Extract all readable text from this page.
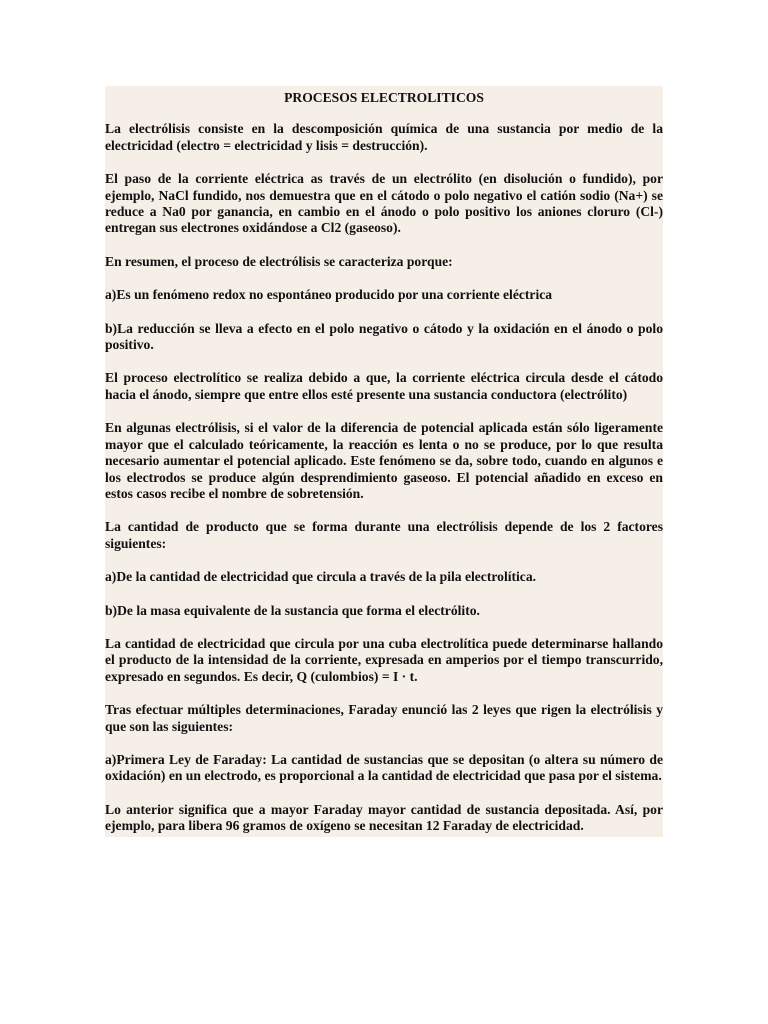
PROCESOS ELECTROLITICOS

La electrólisis consiste en la descomposición química de una sustancia por medio de la electricidad (electro = electricidad y lisis = destrucción).

El paso de la corriente eléctrica as través de un electrólito (en disolución o fundido), por ejemplo, NaCl fundido, nos demuestra que en el cátodo o polo negativo el catión sodio (Na+) se reduce a Na0 por ganancia, en cambio en el ánodo o polo positivo los aniones cloruro (Cl-) entregan sus electrones oxidándose a Cl2 (gaseoso).

En resumen, el proceso de electrólisis se caracteriza porque:

a)Es un fenómeno redox no espontáneo producido por una corriente eléctrica

b)La reducción se lleva a efecto en el polo negativo o cátodo y la oxidación en el ánodo o polo positivo.

El proceso electrolítico se realiza debido a que, la corriente eléctrica circula desde el cátodo hacia el ánodo, siempre que entre ellos esté presente una sustancia conductora (electrólito)

En algunas electrólisis, si el valor de la diferencia de potencial aplicada están sólo ligeramente mayor que el calculado teóricamente, la reacción es lenta o no se produce, por lo que resulta necesario aumentar el potencial aplicado. Este fenómeno se da, sobre todo, cuando en algunos e los electrodos se produce algún desprendimiento gaseoso. El potencial añadido en exceso en estos casos recibe el nombre de sobretensión.

La cantidad de producto que se forma durante una electrólisis depende de los 2 factores siguientes:

a)De la cantidad de electricidad que circula a través de la pila electrolítica.

b)De la masa equivalente de la sustancia que forma el electrólito.

La cantidad de electricidad que circula por una cuba electrolítica puede determinarse hallando el producto de la intensidad de la corriente, expresada en amperios por el tiempo transcurrido, expresado en segundos. Es decir, Q (culombios) = I · t.

Tras efectuar múltiples determinaciones, Faraday enunció las 2 leyes que rigen la electrólisis y que son las siguientes:

a)Primera Ley de Faraday: La cantidad de sustancias que se depositan (o altera su número de oxidación) en un electrodo, es proporcional a la cantidad de electricidad que pasa por el sistema.

Lo anterior significa que a mayor Faraday mayor cantidad de sustancia depositada. Así, por ejemplo, para libera 96 gramos de oxígeno se necesitan 12 Faraday de electricidad.
